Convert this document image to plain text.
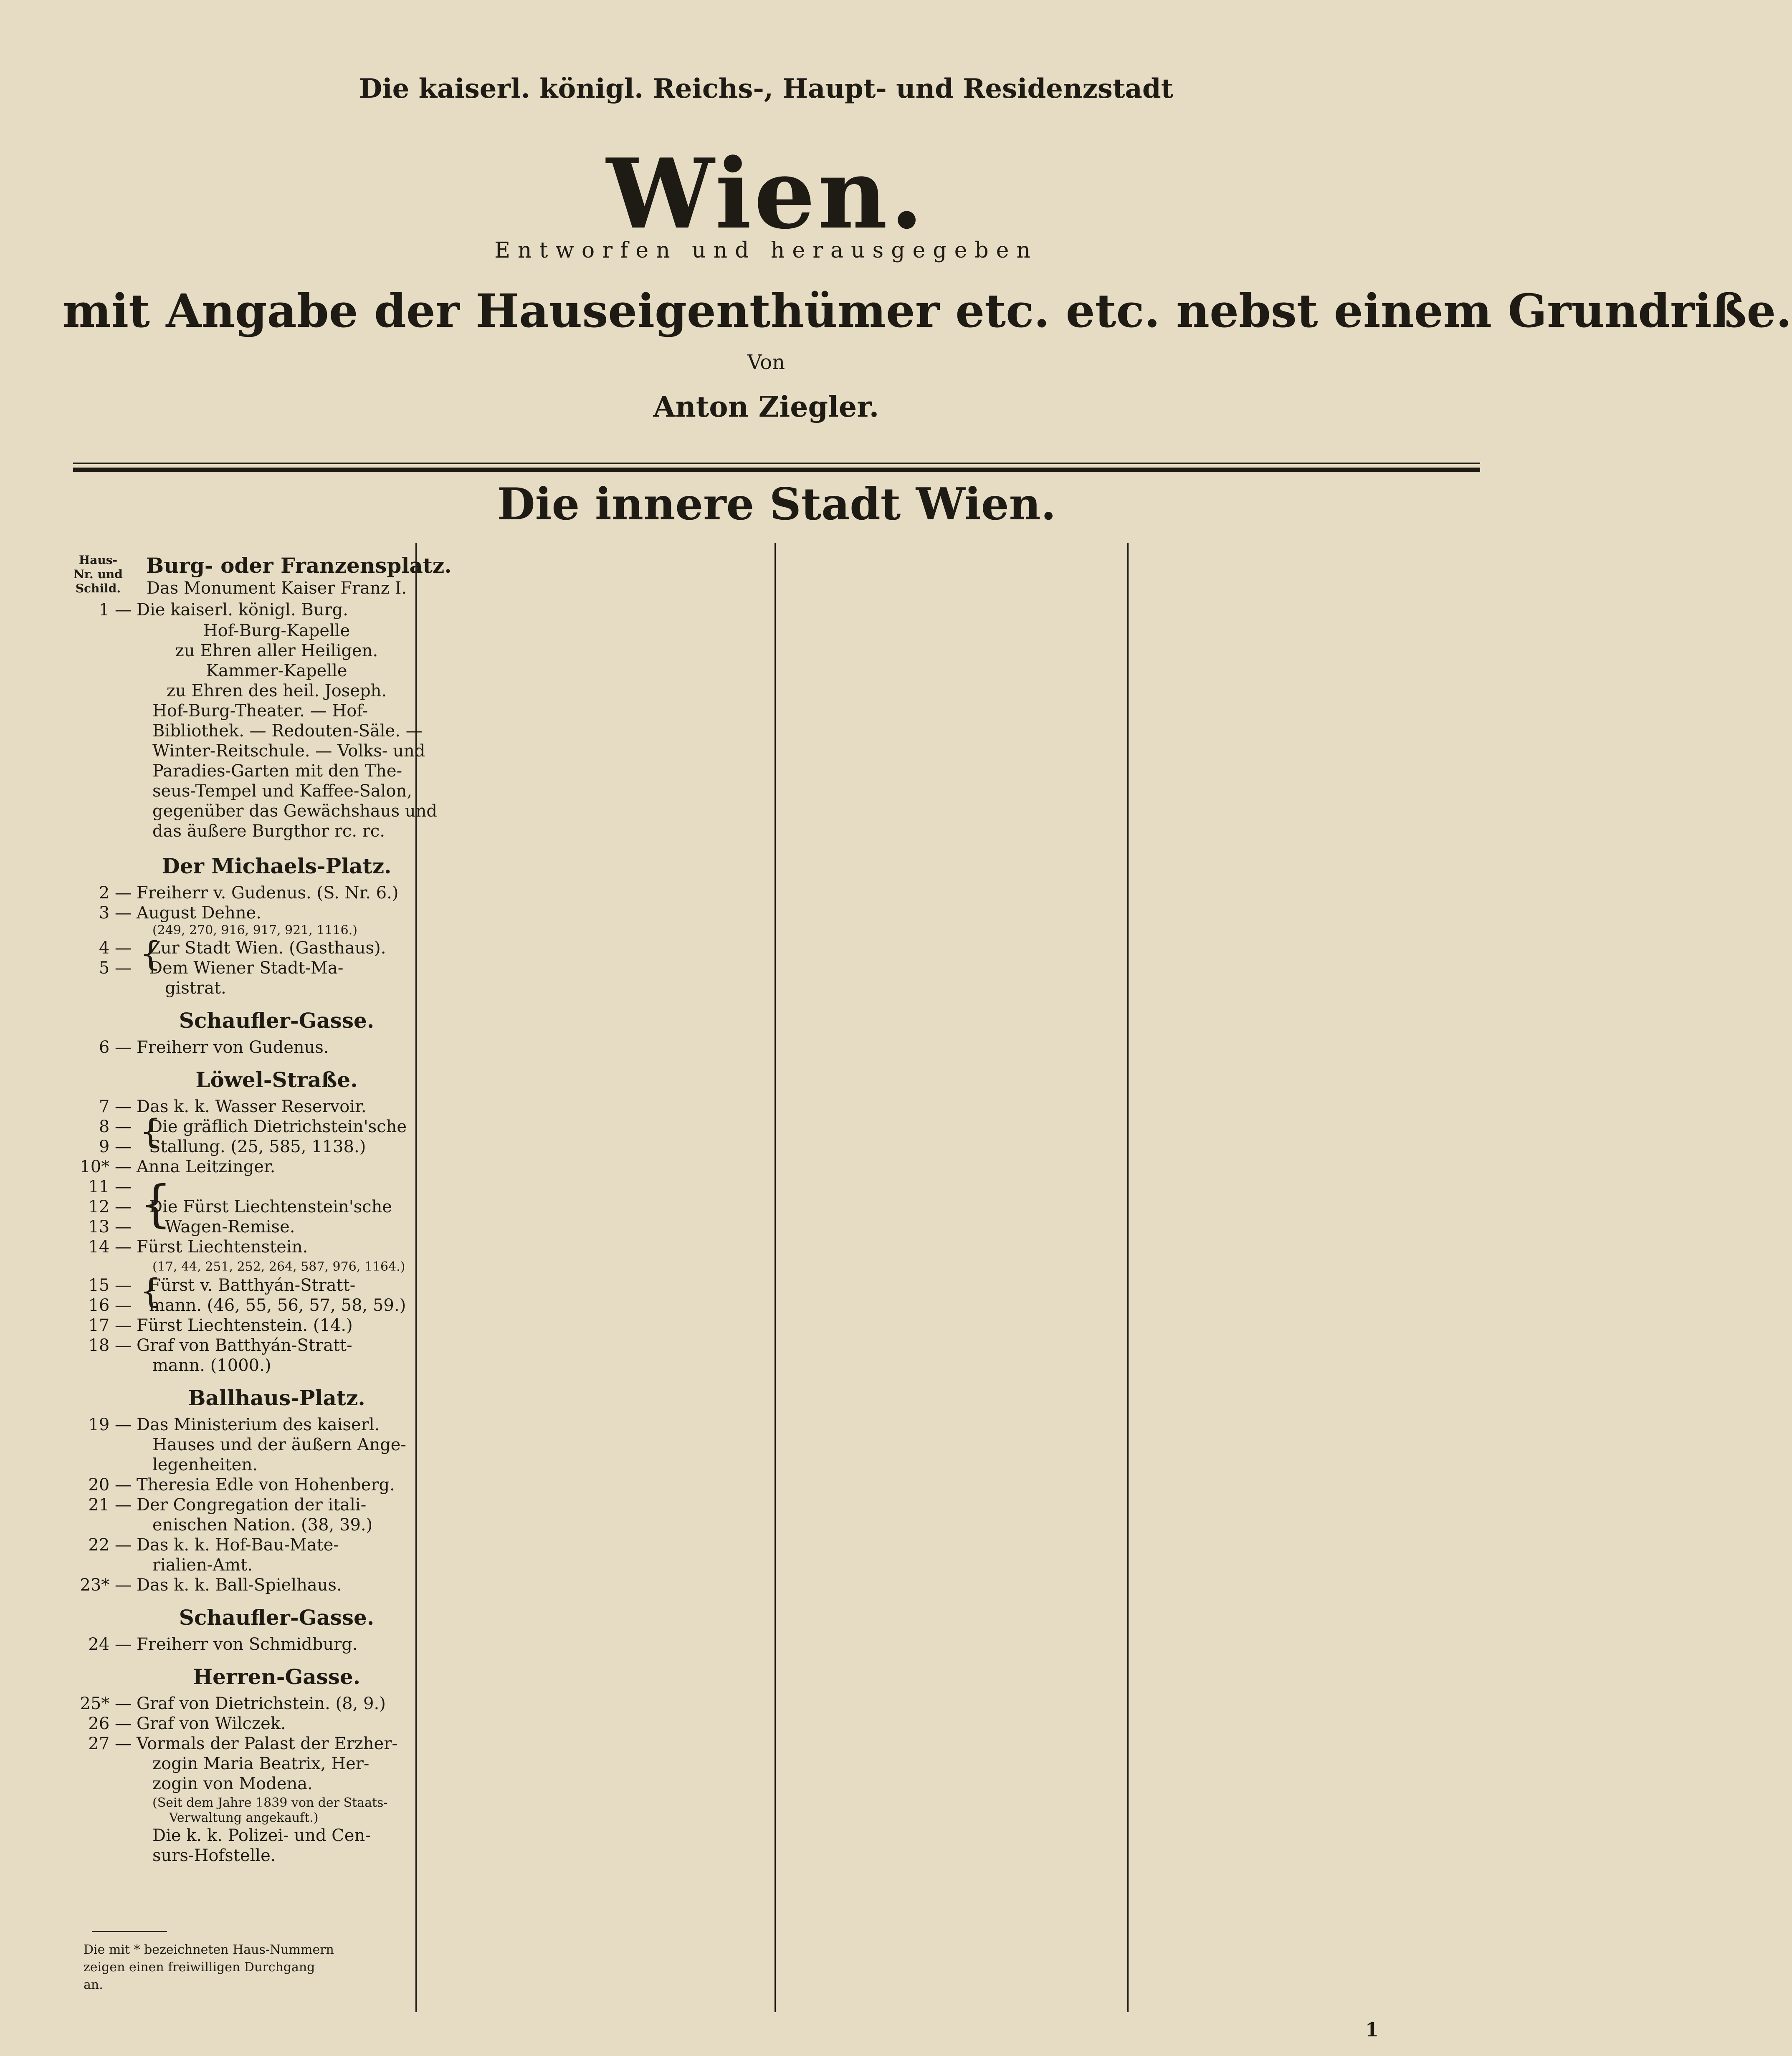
Die kaiserl. königl. Reichs-, Haupt- und Residenzstadt
Wien.
Entworfen und herausgegeben
mit Angabe der Hauseigenthümer etc. etc. nebst einem Grundriße.
Von
Anton Ziegler.
Die innere Stadt Wien.
Haus-Nr. und Schild.
Burg- oder Franzensplatz.
Das Monument Kaiser Franz I.
1 — Die kaiserl. königl. Burg.
Hof-Burg-Kapelle
zu Ehren aller Heiligen.
Kammer-Kapelle
zu Ehren des heil. Joseph.
Hof-Burg-Theater. — Hof-
Bibliothek. — Redouten-Säle. —
Winter-Reitschule. — Volks- und
Paradies-Garten mit den The-
seus-Tempel und Kaffee-Salon,
gegenüber das Gewächshaus und
das äußere Burgthor rc. rc.
Der Michaels-Platz.
2 — Freiherr v. Gudenus. (S. Nr. 6.)
3 — August Dehne.
(249, 270, 916, 917, 921, 1116.)
{
4 — Zur Stadt Wien. (Gasthaus).
5 — Dem Wiener Stadt-Ma-
gistrat.
Schaufler-Gasse.
6 — Freiherr von Gudenus.
Löwel-Straße.
7 — Das k. k. Wasser Reservoir.
{
8 — Die gräflich Dietrichstein'sche
9 — Stallung. (25, 585, 1138.)
10* — Anna Leitzinger.
{
11 —
12 — Die Fürst Liechtenstein'sche
Wagen-Remise.
13 —
14 — Fürst Liechtenstein.
(17, 44, 251, 252, 264, 587, 976, 1164.)
{
15 — Fürst v. Batthyán-Stratt-
16 — mann. (46, 55, 56, 57, 58, 59.)
17 — Fürst Liechtenstein. (14.)
18 — Graf von Batthyán-Stratt-
mann. (1000.)
Ballhaus-Platz.
19 — Das Ministerium des kaiserl.
Hauses und der äußern Ange-
legenheiten.
20 — Theresia Edle von Hohenberg.
21 — Der Congregation der itali-
enischen Nation. (38, 39.)
22 — Das k. k. Hof-Bau-Mate-
rialien-Amt.
23* — Das k. k. Ball-Spielhaus.
Schaufler-Gasse.
24 — Freiherr von Schmidburg.
Herren-Gasse.
25* — Graf von Dietrichstein. (8, 9.)
26 — Graf von Wilczek.
27 — Vormals der Palast der Erzher-
zogin Maria Beatrix, Her-
zogin von Modena.
(Seit dem Jahre 1839 von der Staats-
Verwaltung angekauft.)
Die k. k. Polizei- und Cen-
surs-Hofstelle.
Die mit * bezeichneten Haus-Nummern zeigen einen freiwilligen Durchgang an.
1
